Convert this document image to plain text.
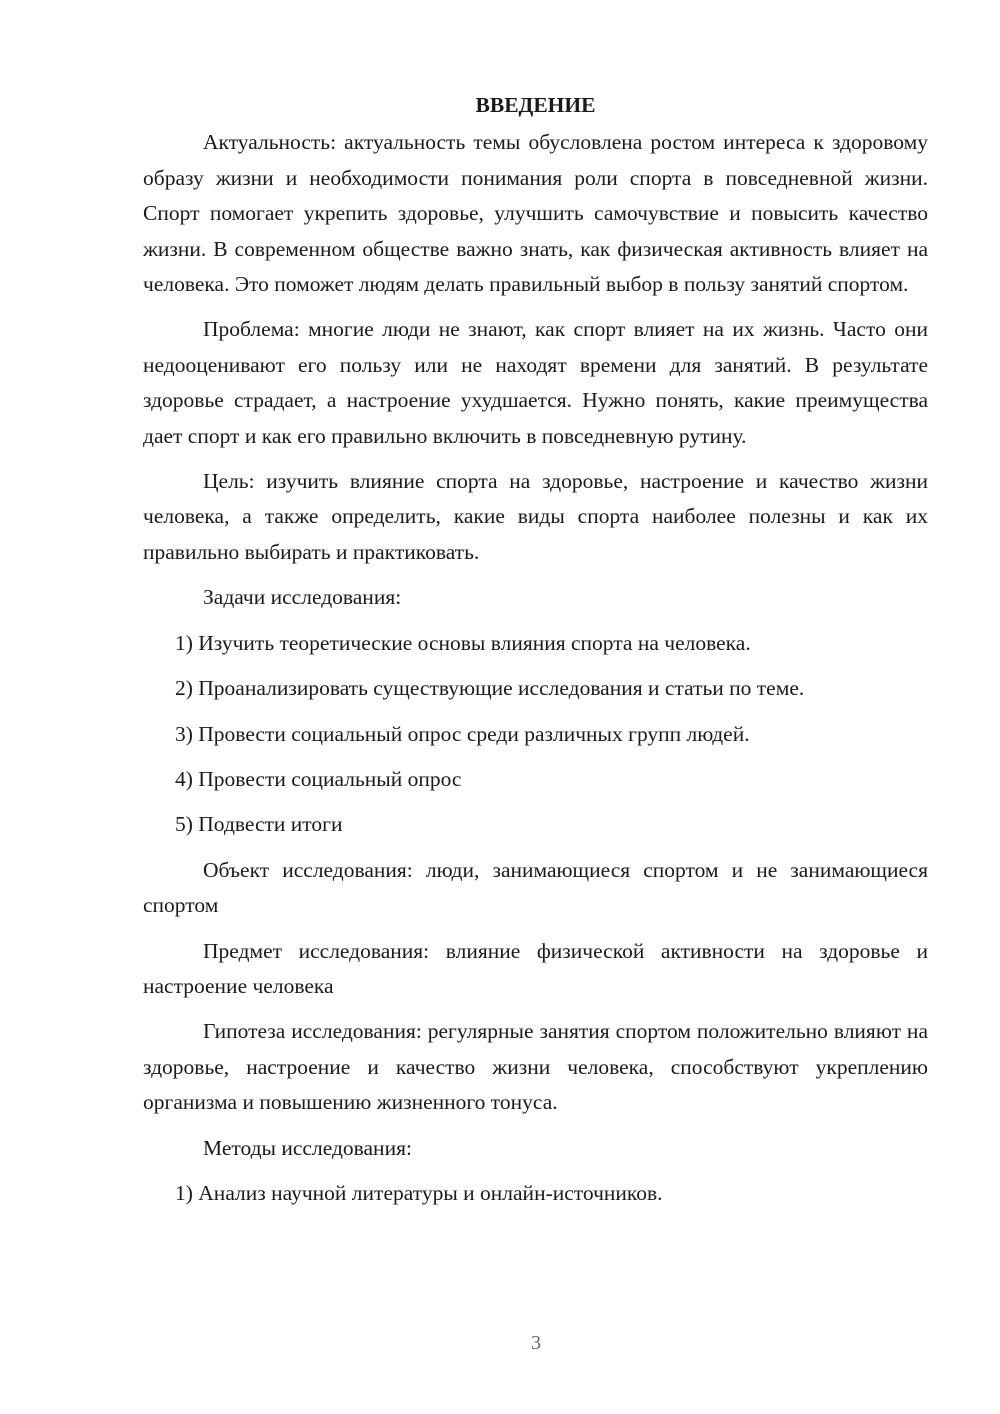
ВВЕДЕНИЕ

Актуальность: актуальность темы обусловлена ростом интереса к здоровому образу жизни и необходимости понимания роли спорта в повседневной жизни. Спорт помогает укрепить здоровье, улучшить самочувствие и повысить качество жизни. В современном обществе важно знать, как физическая активность влияет на человека. Это поможет людям делать правильный выбор в пользу занятий спортом.

Проблема: многие люди не знают, как спорт влияет на их жизнь. Часто они недооценивают его пользу или не находят времени для занятий. В результате здоровье страдает, а настроение ухудшается. Нужно понять, какие преимущества дает спорт и как его правильно включить в повседневную рутину.

Цель: изучить влияние спорта на здоровье, настроение и качество жизни человека, а также определить, какие виды спорта наиболее полезны и как их правильно выбирать и практиковать.

Задачи исследования:
1) Изучить теоретические основы влияния спорта на человека.
2) Проанализировать существующие исследования и статьи по теме.
3) Провести социальный опрос среди различных групп людей.
4) Провести социальный опрос
5) Подвести итоги

Объект исследования: люди, занимающиеся спортом и не занимающиеся спортом

Предмет исследования: влияние физической активности на здоровье и настроение человека

Гипотеза исследования: регулярные занятия спортом положительно влияют на здоровье, настроение и качество жизни человека, способствуют укреплению организма и повышению жизненного тонуса.

Методы исследования:
1) Анализ научной литературы и онлайн-источников.
3
